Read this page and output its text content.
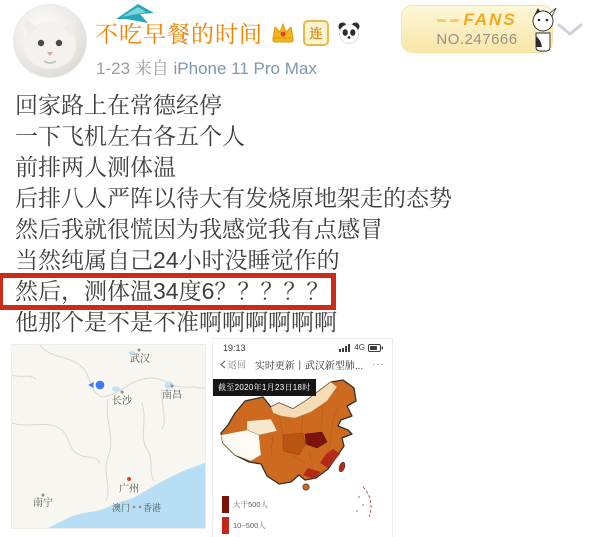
不吃早餐的时间	连
1-23 来自 iPhone 11 Pro Max
FANS
NO.247666
回家路上在常德经停
一下飞机左右各五个人
前排两人测体温
后排八人严阵以待大有发烧原地架走的态势
然后我就很慌因为我感觉我有点感冒
当然纯属自己24小时没睡觉作的
然后，测体温34度6？？？？？
他那个是不是不准啊啊啊啊啊啊
武汉
南昌
长沙
广州
南宁	澳门 香港
19:13	4G
返回 实时更新丨武汉新型肺... ···
截至2020年1月23日18时
大于500人
10~500人
